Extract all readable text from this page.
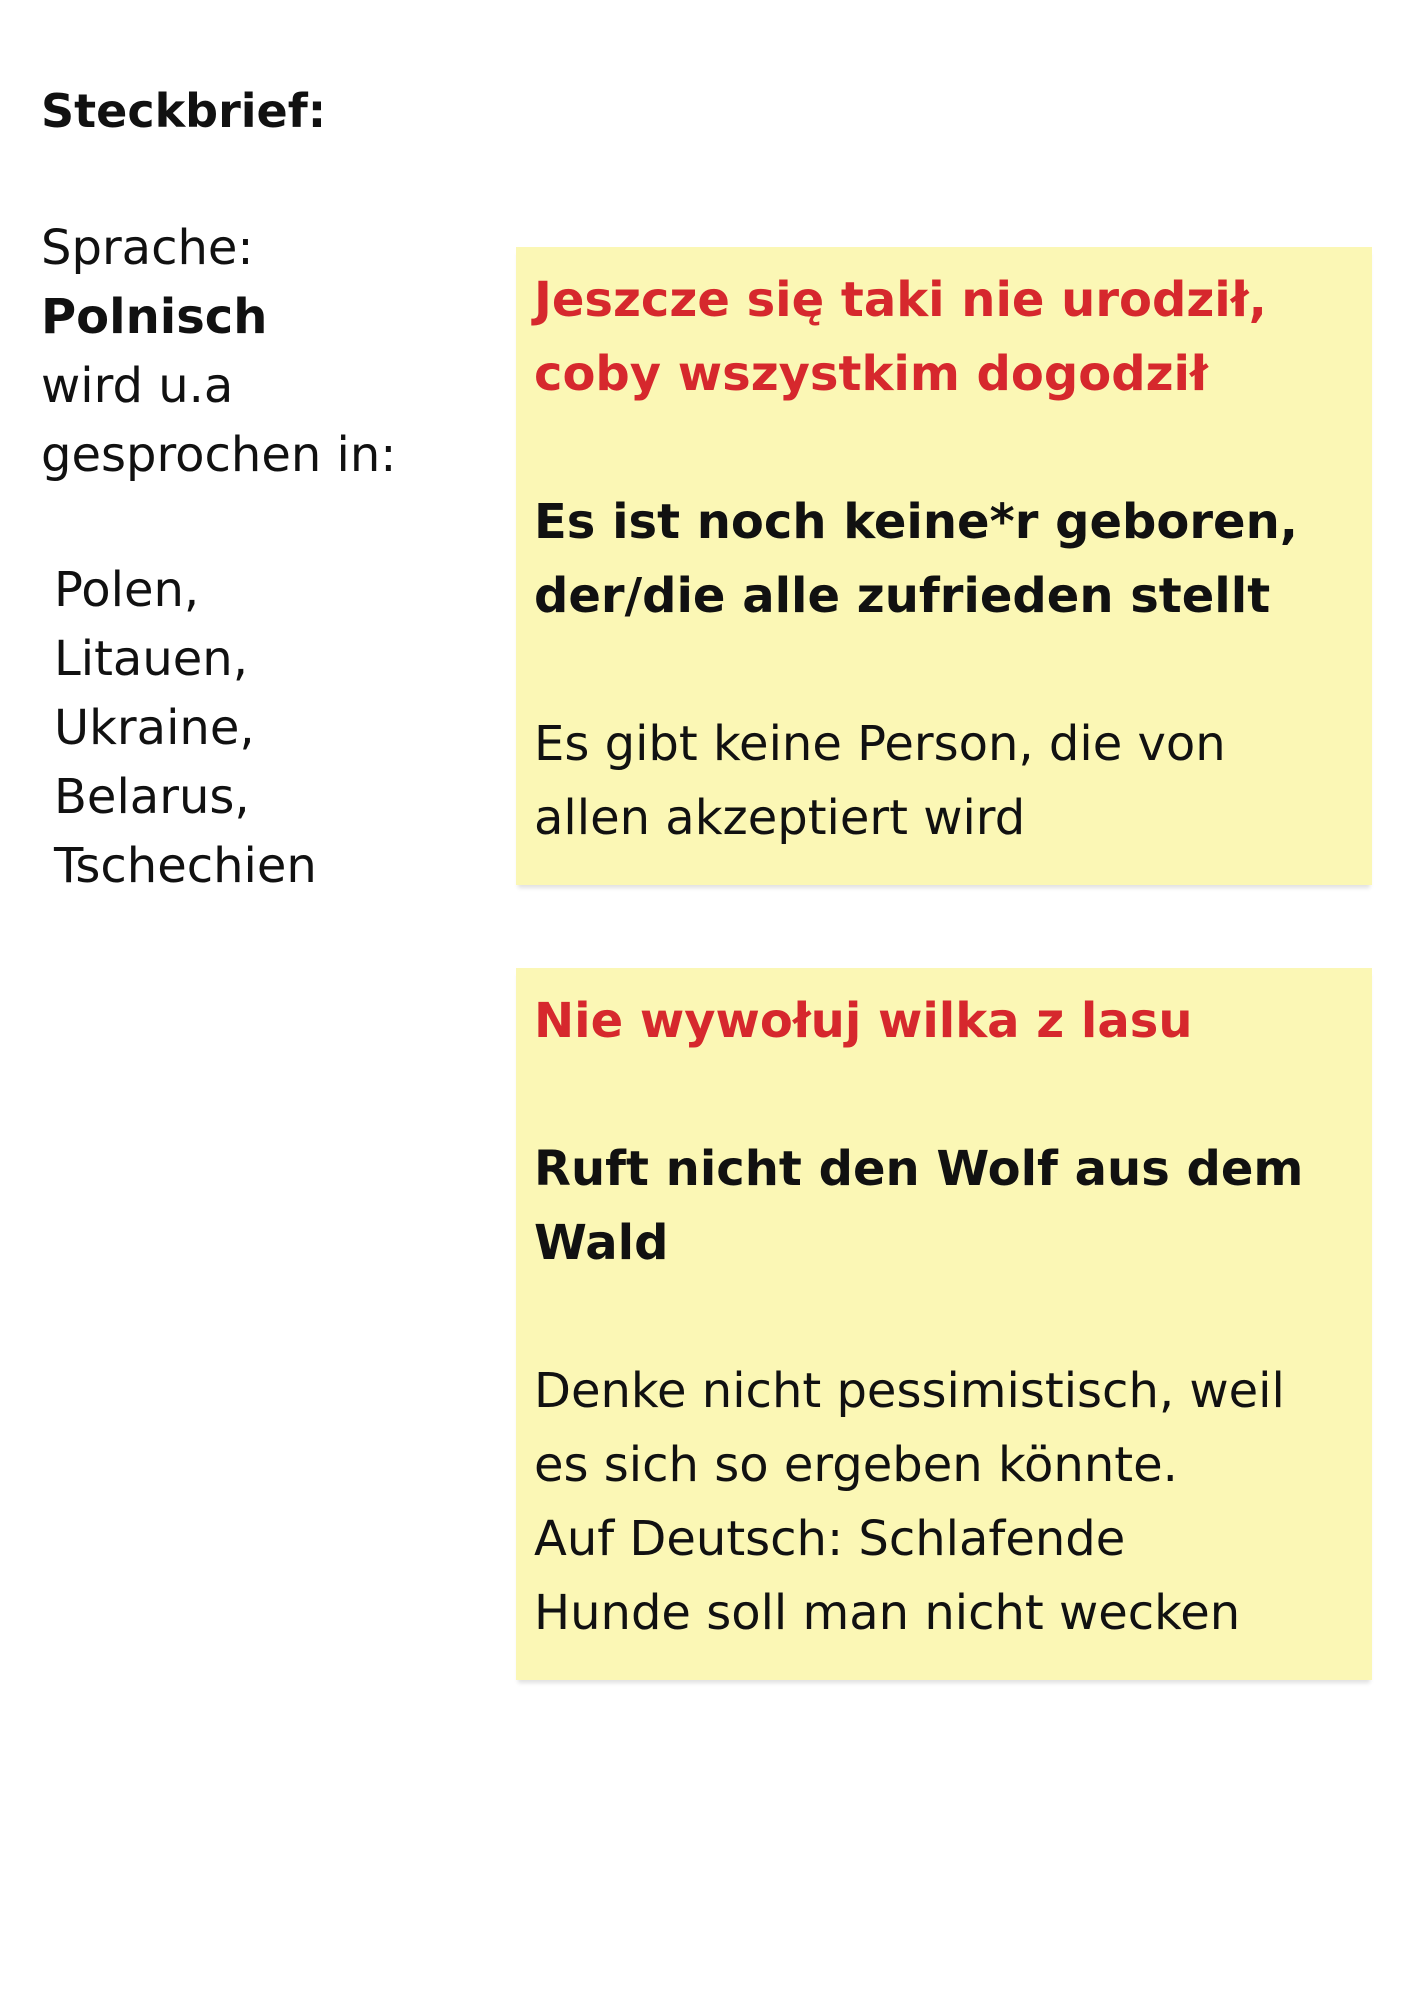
Steckbrief:
Sprache:
Polnisch
wird u.a
gesprochen in:
Polen,
Litauen,
Ukraine,
Belarus,
Tschechien

Jeszcze się taki nie urodził,
coby wszystkim dogodził

Es ist noch keine*r geboren,
der/die alle zufrieden stellt

Es gibt keine Person, die von
allen akzeptiert wird

Nie wywołuj wilka z lasu

Ruft nicht den Wolf aus dem
Wald

Denke nicht pessimistisch, weil
es sich so ergeben könnte.
Auf Deutsch: Schlafende
Hunde soll man nicht wecken
